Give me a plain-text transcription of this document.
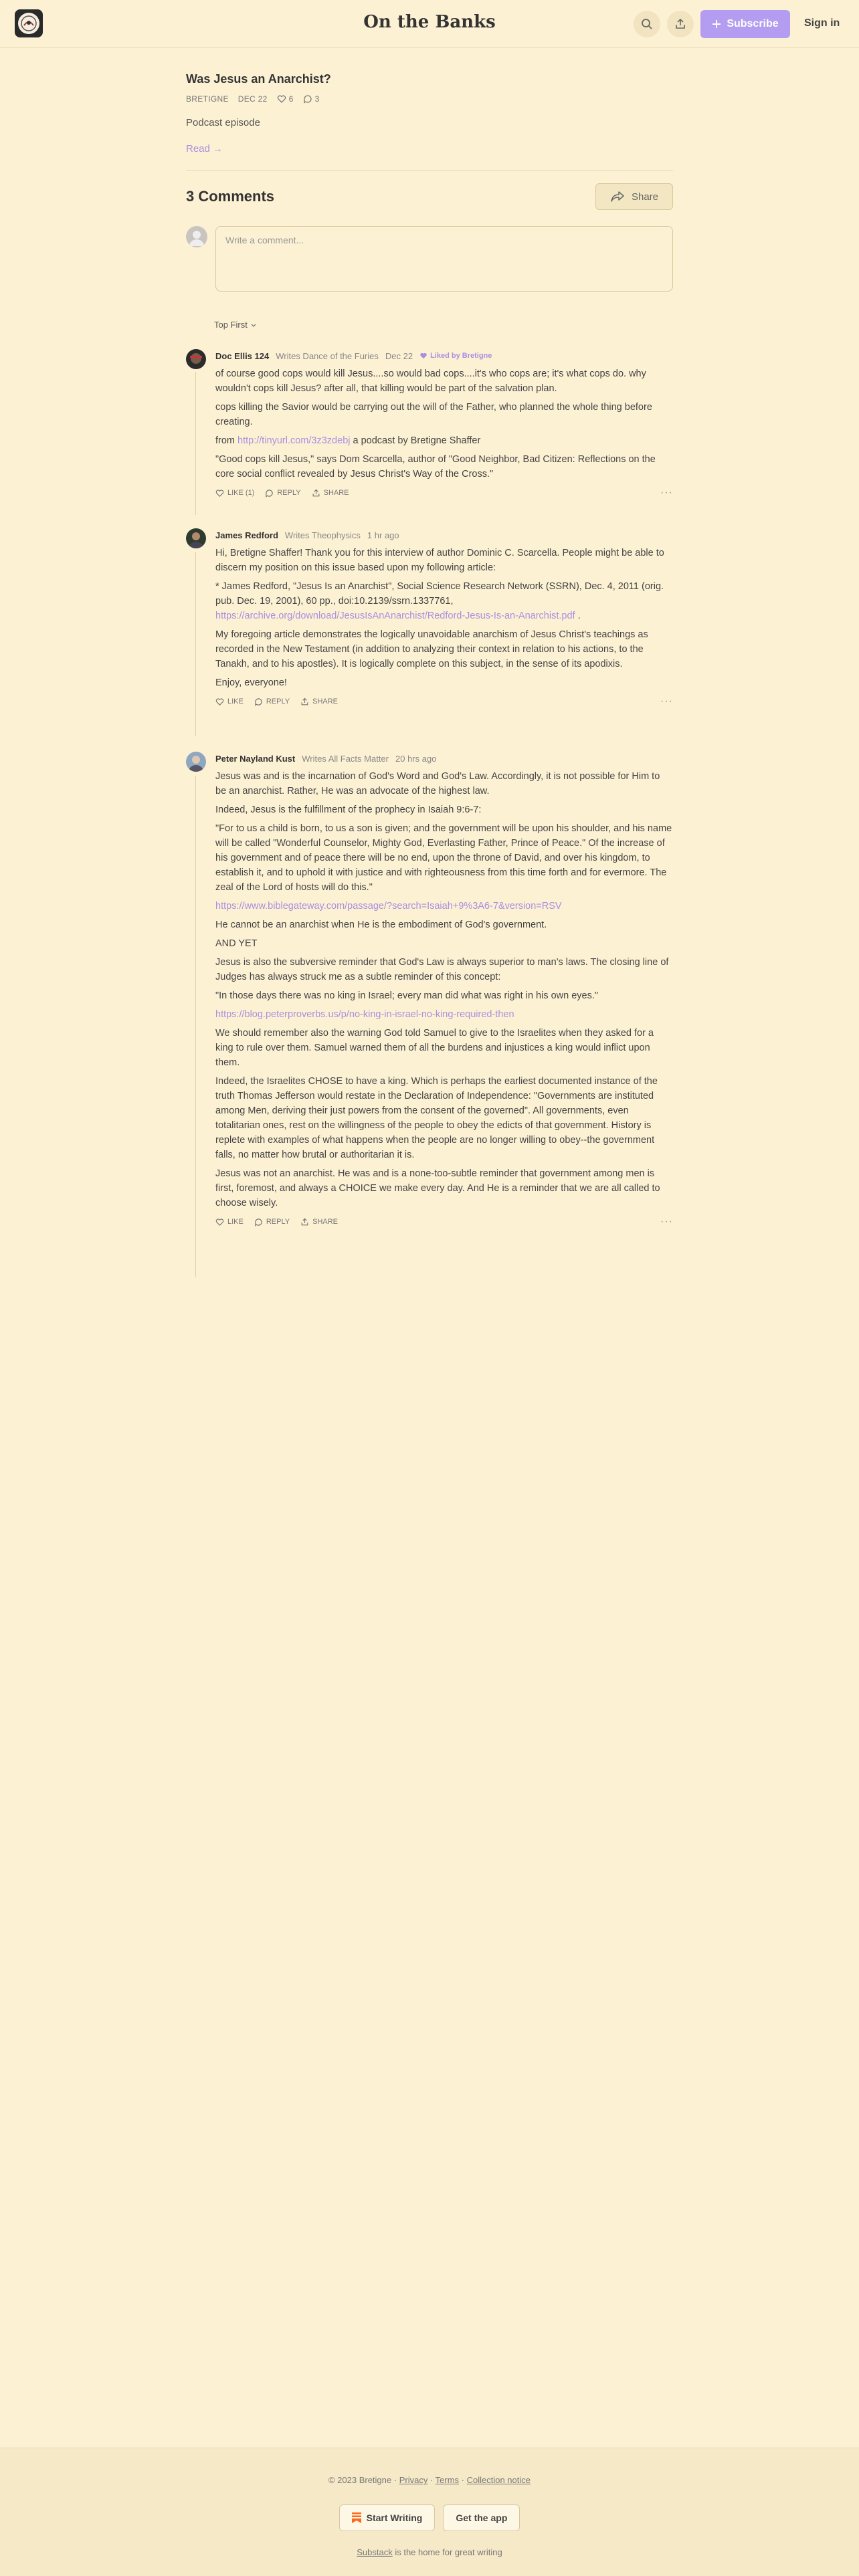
On the Banks	Subscribe Sign in
Was Jesus an Anarchist?
BRETIGNE DEC 22	6	3
Podcast episode
Read →
3 Comments	Share
Write a comment...
Top First
Doc Ellis 124 Writes Dance of the Furies Dec 22 Liked by Bretigne

of course good cops would kill Jesus....so would bad cops....it's who cops are; it's what cops do. why wouldn't cops kill Jesus? after all, that killing would be part of the salvation plan.

cops killing the Savior would be carrying out the will of the Father, who planned the whole thing before creating.

from http://tinyurl.com/3z3zdebj a podcast by Bretigne Shaffer

"Good cops kill Jesus," says Dom Scarcella, author of "Good Neighbor, Bad Citizen: Reflections on the core social conflict revealed by Jesus Christ's Way of the Cross."

LIKE (1)	REPLY	SHARE	···
James Redford Writes Theophysics 1 hr ago

Hi, Bretigne Shaffer! Thank you for this interview of author Dominic C. Scarcella. People might be able to discern my position on this issue based upon my following article:

* James Redford, "Jesus Is an Anarchist", Social Science Research Network (SSRN), Dec. 4, 2011 (orig. pub. Dec. 19, 2001), 60 pp., doi:10.2139/ssrn.1337761,

https://archive.org/download/JesusIsAnAnarchist/Redford-Jesus-Is-an-Anarchist.pdf .

My foregoing article demonstrates the logically unavoidable anarchism of Jesus Christ's teachings as recorded in the New Testament (in addition to analyzing their context in relation to his actions, to the Tanakh, and to his apostles). It is logically complete on this subject, in the sense of its apodixis.

Enjoy, everyone!

LIKE	REPLY	SHARE	···
Peter Nayland Kust Writes All Facts Matter 20 hrs ago

Jesus was and is the incarnation of God's Word and God's Law. Accordingly, it is not possible for Him to be an anarchist. Rather, He was an advocate of the highest law.

Indeed, Jesus is the fulfillment of the prophecy in Isaiah 9:6-7:

"For to us a child is born, to us a son is given; and the government will be upon his shoulder, and his name will be called "Wonderful Counselor, Mighty God, Everlasting Father, Prince of Peace." Of the increase of his government and of peace there will be no end, upon the throne of David, and over his kingdom, to establish it, and to uphold it with justice and with righteousness from this time forth and for evermore. The zeal of the Lord of hosts will do this."

https://www.biblegateway.com/passage/?search=Isaiah+9%3A6-7&version=RSV

He cannot be an anarchist when He is the embodiment of God's government.

AND YET

Jesus is also the subversive reminder that God's Law is always superior to man's laws. The closing line of Judges has always struck me as a subtle reminder of this concept:

"In those days there was no king in Israel; every man did what was right in his own eyes."

https://blog.peterproverbs.us/p/no-king-in-israel-no-king-required-then

We should remember also the warning God told Samuel to give to the Israelites when they asked for a king to rule over them. Samuel warned them of all the burdens and injustices a king would inflict upon them.

Indeed, the Israelites CHOSE to have a king. Which is perhaps the earliest documented instance of the truth Thomas Jefferson would restate in the Declaration of Independence: "Governments are instituted among Men, deriving their just powers from the consent of the governed". All governments, even totalitarian ones, rest on the willingness of the people to obey the edicts of that government. History is replete with examples of what happens when the people are no longer willing to obey--the government falls, no matter how brutal or authoritarian it is.

Jesus was not an anarchist. He was and is a none-too-subtle reminder that government among men is first, foremost, and always a CHOICE we make every day. And He is a reminder that we are all called to choose wisely.

LIKE	REPLY	SHARE	···
© 2023 Bretigne · Privacy · Terms · Collection notice
Start Writing	Get the app
Substack is the home for great writing
